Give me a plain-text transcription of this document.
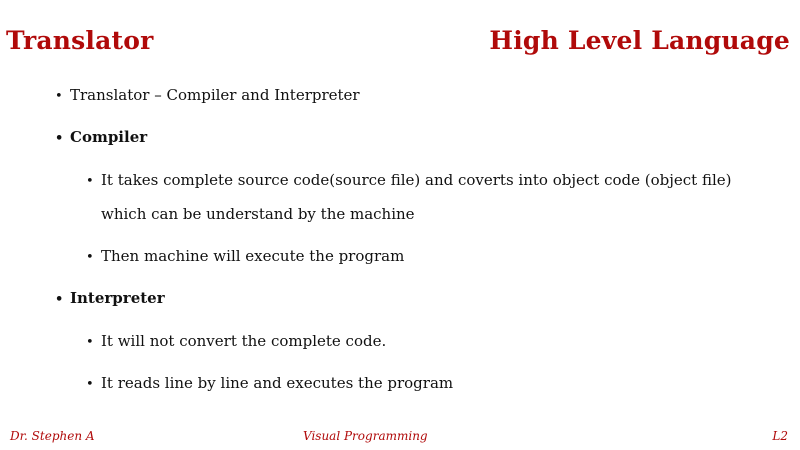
Translator	High Level Language
• Translator – Compiler and Interpreter
• Compiler
• It takes complete source code(source file) and coverts into object code (object file)
which can be understand by the machine
• Then machine will execute the program
• Interpreter
• It will not convert the complete code.
• It reads line by line and executes the program
Dr. Stephen A	Visual Programming	L2
